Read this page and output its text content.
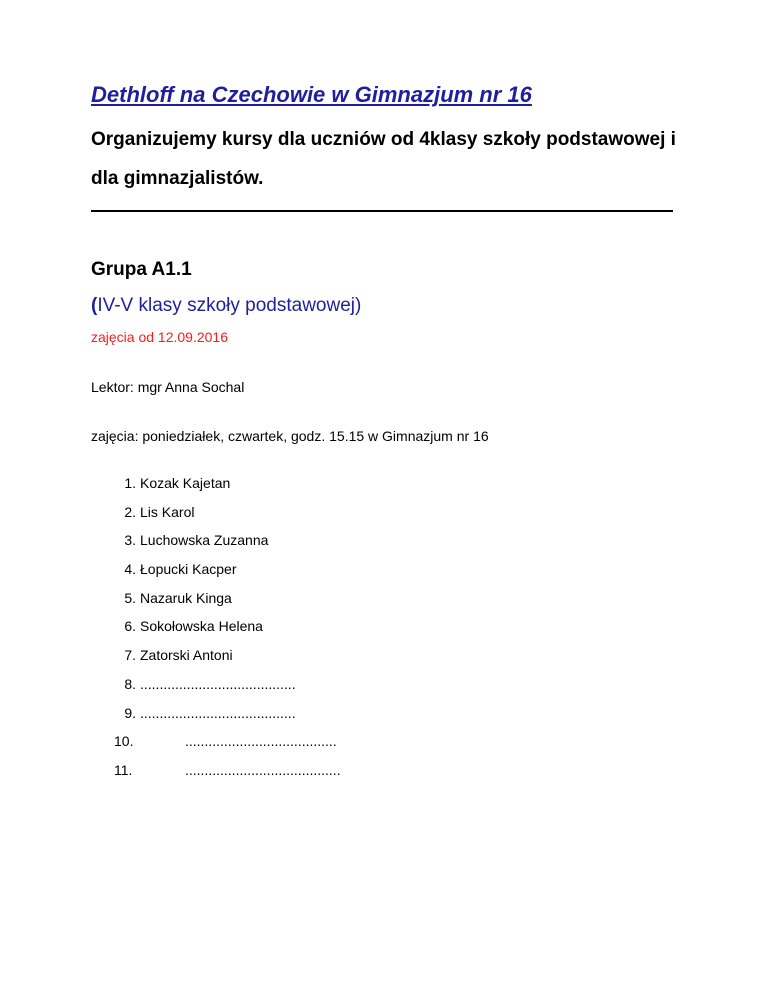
Dethloff na Czechowie w Gimnazjum nr 16

Organizujemy kursy dla uczniów od 4klasy szkoły podstawowej i dla gimnazjalistów.

Grupa A1.1

(IV-V klasy szkoły podstawowej)

zajęcia od 12.09.2016

Lektor: mgr Anna Sochal

zajęcia: poniedziałek, czwartek, godz. 15.15 w Gimnazjum nr 16

1. Kozak Kajetan
2. Lis Karol
3. Luchowska Zuzanna
4. Łopucki Kacper
5. Nazaruk Kinga
6. Sokołowska Helena
7. Zatorski Antoni
8. ........................................
9. ........................................
10.	.......................................
11.	........................................
